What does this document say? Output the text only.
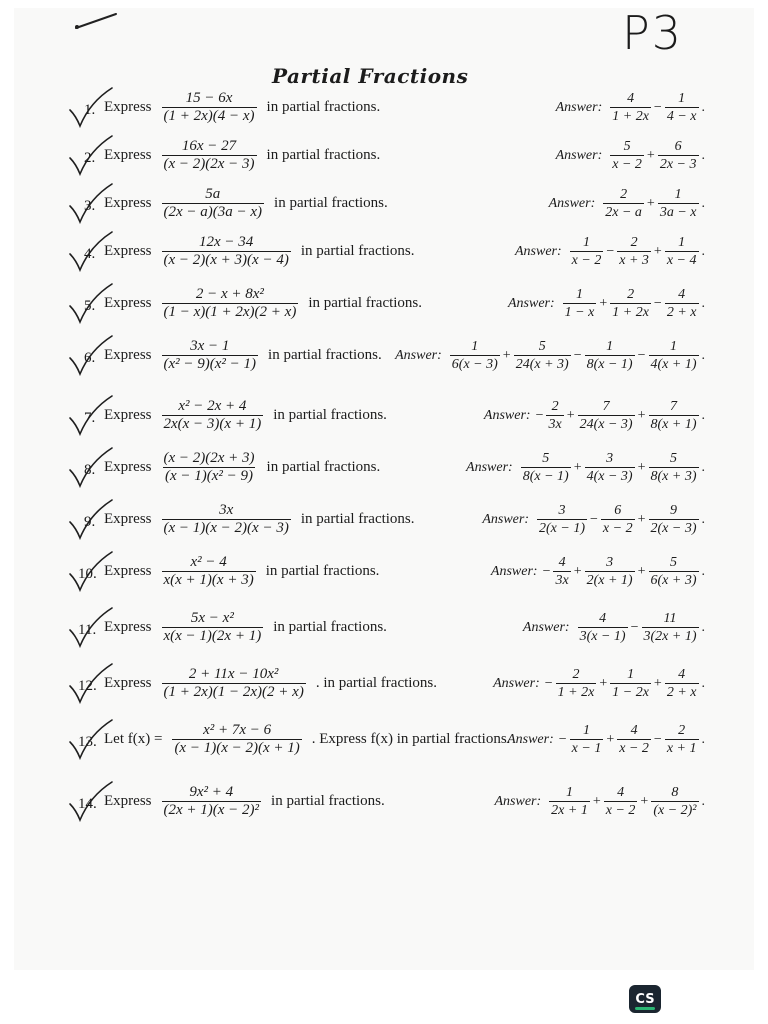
P3
Partial Fractions
1. Express $\frac{15 - 6x}{(1 + 2x)(4 - x)}$ in partial fractions.	Answer: $\frac{4}{1 + 2x} - \frac{1}{4 - x}$ .
2. Express $\frac{16x - 27}{(x - 2)(2x - 3)}$ in partial fractions.	Answer: $\frac{5}{x - 2} + \frac{6}{2x - 3}$ .
3. Express $\frac{5a}{(2x - a)(3a - x)}$ in partial fractions.	Answer: $\frac{2}{2x - a} + \frac{1}{3a - x}$ .
4. Express $\frac{12x - 34}{(x - 2)(x + 3)(x - 4)}$ in partial fractions.	Answer: $\frac{1}{x - 2} - \frac{2}{x + 3} + \frac{1}{x - 4}$ .
5. Express $\frac{\text{2 − x + 8x²}}{(1 - x)(1 + 2x)(2 + x)}$ in partial fractions.	Answer: $\frac{1}{1 - x} + \frac{2}{1 + 2x} - \frac{4}{2 + x}$ .
6. Express $\frac{3x - 1}{\text{(x² − 9)(x² − 1)}}$ in partial fractions. Answer: $\frac{1}{6(x - 3)} + \frac{5}{24(x + 3)} - \frac{1}{8(x - 1)} - \frac{1}{4(x + 1)}$ .
7. Express $\frac{\text{x² − 2x + 4}}{2x(x - 3)(x + 1)}$ in partial fractions.	Answer: − $\frac{2}{3x} + \frac{7}{24(x - 3)} + \frac{7}{8(x + 1)}$ .
8. Express $\frac{(x - 2)(2x + 3)}{\text{(x − 1)(x² − 9)}}$ in partial fractions.	Answer: $\frac{5}{8(x - 1)} + \frac{3}{4(x - 3)} + \frac{5}{8(x + 3)}$ .
9. Express $\frac{3x}{(x - 1)(x - 2)(x - 3)}$ in partial fractions.	Answer: $\frac{3}{2(x - 1)} - \frac{6}{x - 2} + \frac{9}{2(x - 3)}$ .
10. Express $\frac{\text{x² − 4}}{x(x + 1)(x + 3)}$ in partial fractions.	Answer: − $\frac{4}{3x} + \frac{3}{2(x + 1)} + \frac{5}{6(x + 3)}$ .
11. Express $\frac{\text{5x − x²}}{x(x - 1)(2x + 1)}$ in partial fractions.	Answer: $\frac{4}{3(x - 1)} - \frac{11}{3(2x + 1)}$ .
12. Express $\frac{\text{2 + 11x − 10x²}}{(1 + 2x)(1 - 2x)(2 + x)}$ . in partial fractions.	Answer: − $\frac{2}{1 + 2x} + \frac{1}{1 - 2x} + \frac{4}{2 + x}$ .
13. Let $f(x) = \frac{\text{x² + 7x − 6}}{(x - 1)(x - 2)(x + 1)}$ . Express f(x) in partial fractions.
Answer: − $\frac{1}{x - 1} + \frac{4}{x - 2} - \frac{2}{x + 1}$ .
14. Express $\frac{\text{9x² + 4}}{\text{(2x + 1)(x − 2)²}}$ in partial fractions.	Answer: $\frac{1}{2x + 1} + \frac{4}{x - 2} + \frac{8}{\text{(x − 2)²}}$ .
CS
